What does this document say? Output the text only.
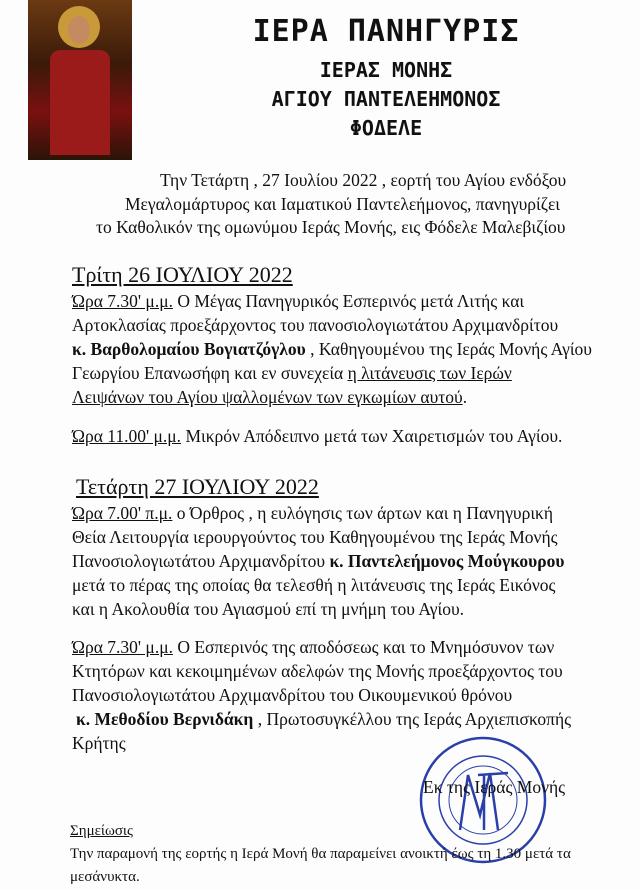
ΙΕΡΑ ΠΑΝΗΓΥΡΙΣ
ΙΕΡΑΣ ΜΟΝΗΣ
ΑΓΙΟΥ ΠΑΝΤΕΛΕΗΜΟΝΟΣ
ΦΟΔΕΛΕ
Την Τετάρτη , 27 Ιουλίου 2022 , εορτή του Αγίου ενδόξου
Μεγαλομάρτυρος και Ιαματικού Παντελεήμονος, πανηγυρίζει
το Καθολικόν της ομωνύμου Ιεράς Μονής, εις Φόδελε Μαλεβιζίου
Τρίτη 26 ΙΟΥΛΙΟΥ 2022
Ώρα 7.30' μ.μ. Ο Μέγας Πανηγυρικός Εσπερινός μετά Λιτής και
Αρτοκλασίας προεξάρχοντος του πανοσιολογιωτάτου Αρχιμανδρίτου
κ. Βαρθολομαίου Βογιατζόγλου , Καθηγουμένου της Ιεράς Μονής Αγίου
Γεωργίου Επανωσήφη και εν συνεχεία η λιτάνευσις των Ιερών
Λειψάνων του Αγίου ψαλλομένων των εγκωμίων αυτού.
Ώρα 11.00' μ.μ. Μικρόν Απόδειπνο μετά των Χαιρετισμών του Αγίου.
Τετάρτη 27 ΙΟΥΛΙΟΥ 2022
Ώρα 7.00' π.μ. ο Όρθρος , η ευλόγησις των άρτων και η Πανηγυρική
Θεία Λειτουργία ιερουργούντος του Καθηγουμένου της Ιεράς Μονής
Πανοσιολογιωτάτου Αρχιμανδρίτου κ. Παντελεήμονος Μούγκουρου
μετά το πέρας της οποίας θα τελεσθή η λιτάνευσις της Ιεράς Εικόνος
και η Ακολουθία του Αγιασμού επί τη μνήμη του Αγίου.
Ώρα 7.30' μ.μ. Ο Εσπερινός της αποδόσεως και το Μνημόσυνον των
Κτητόρων και κεκοιμημένων αδελφών της Μονής προεξάρχοντος του
Πανοσιολογιωτάτου Αρχιμανδρίτου του Οικουμενικού θρόνου
κ. Μεθοδίου Βερνιδάκη , Πρωτοσυγκέλλου της Ιεράς Αρχιεπισκοπής
Κρήτης
Εκ της Ιεράς Μονής
Σημείωσις
Την παραμονή της εορτής η Ιερά Μονή θα παραμείνει ανοικτή έως τη 1.30 μετά τα
μεσάνυκτα.
